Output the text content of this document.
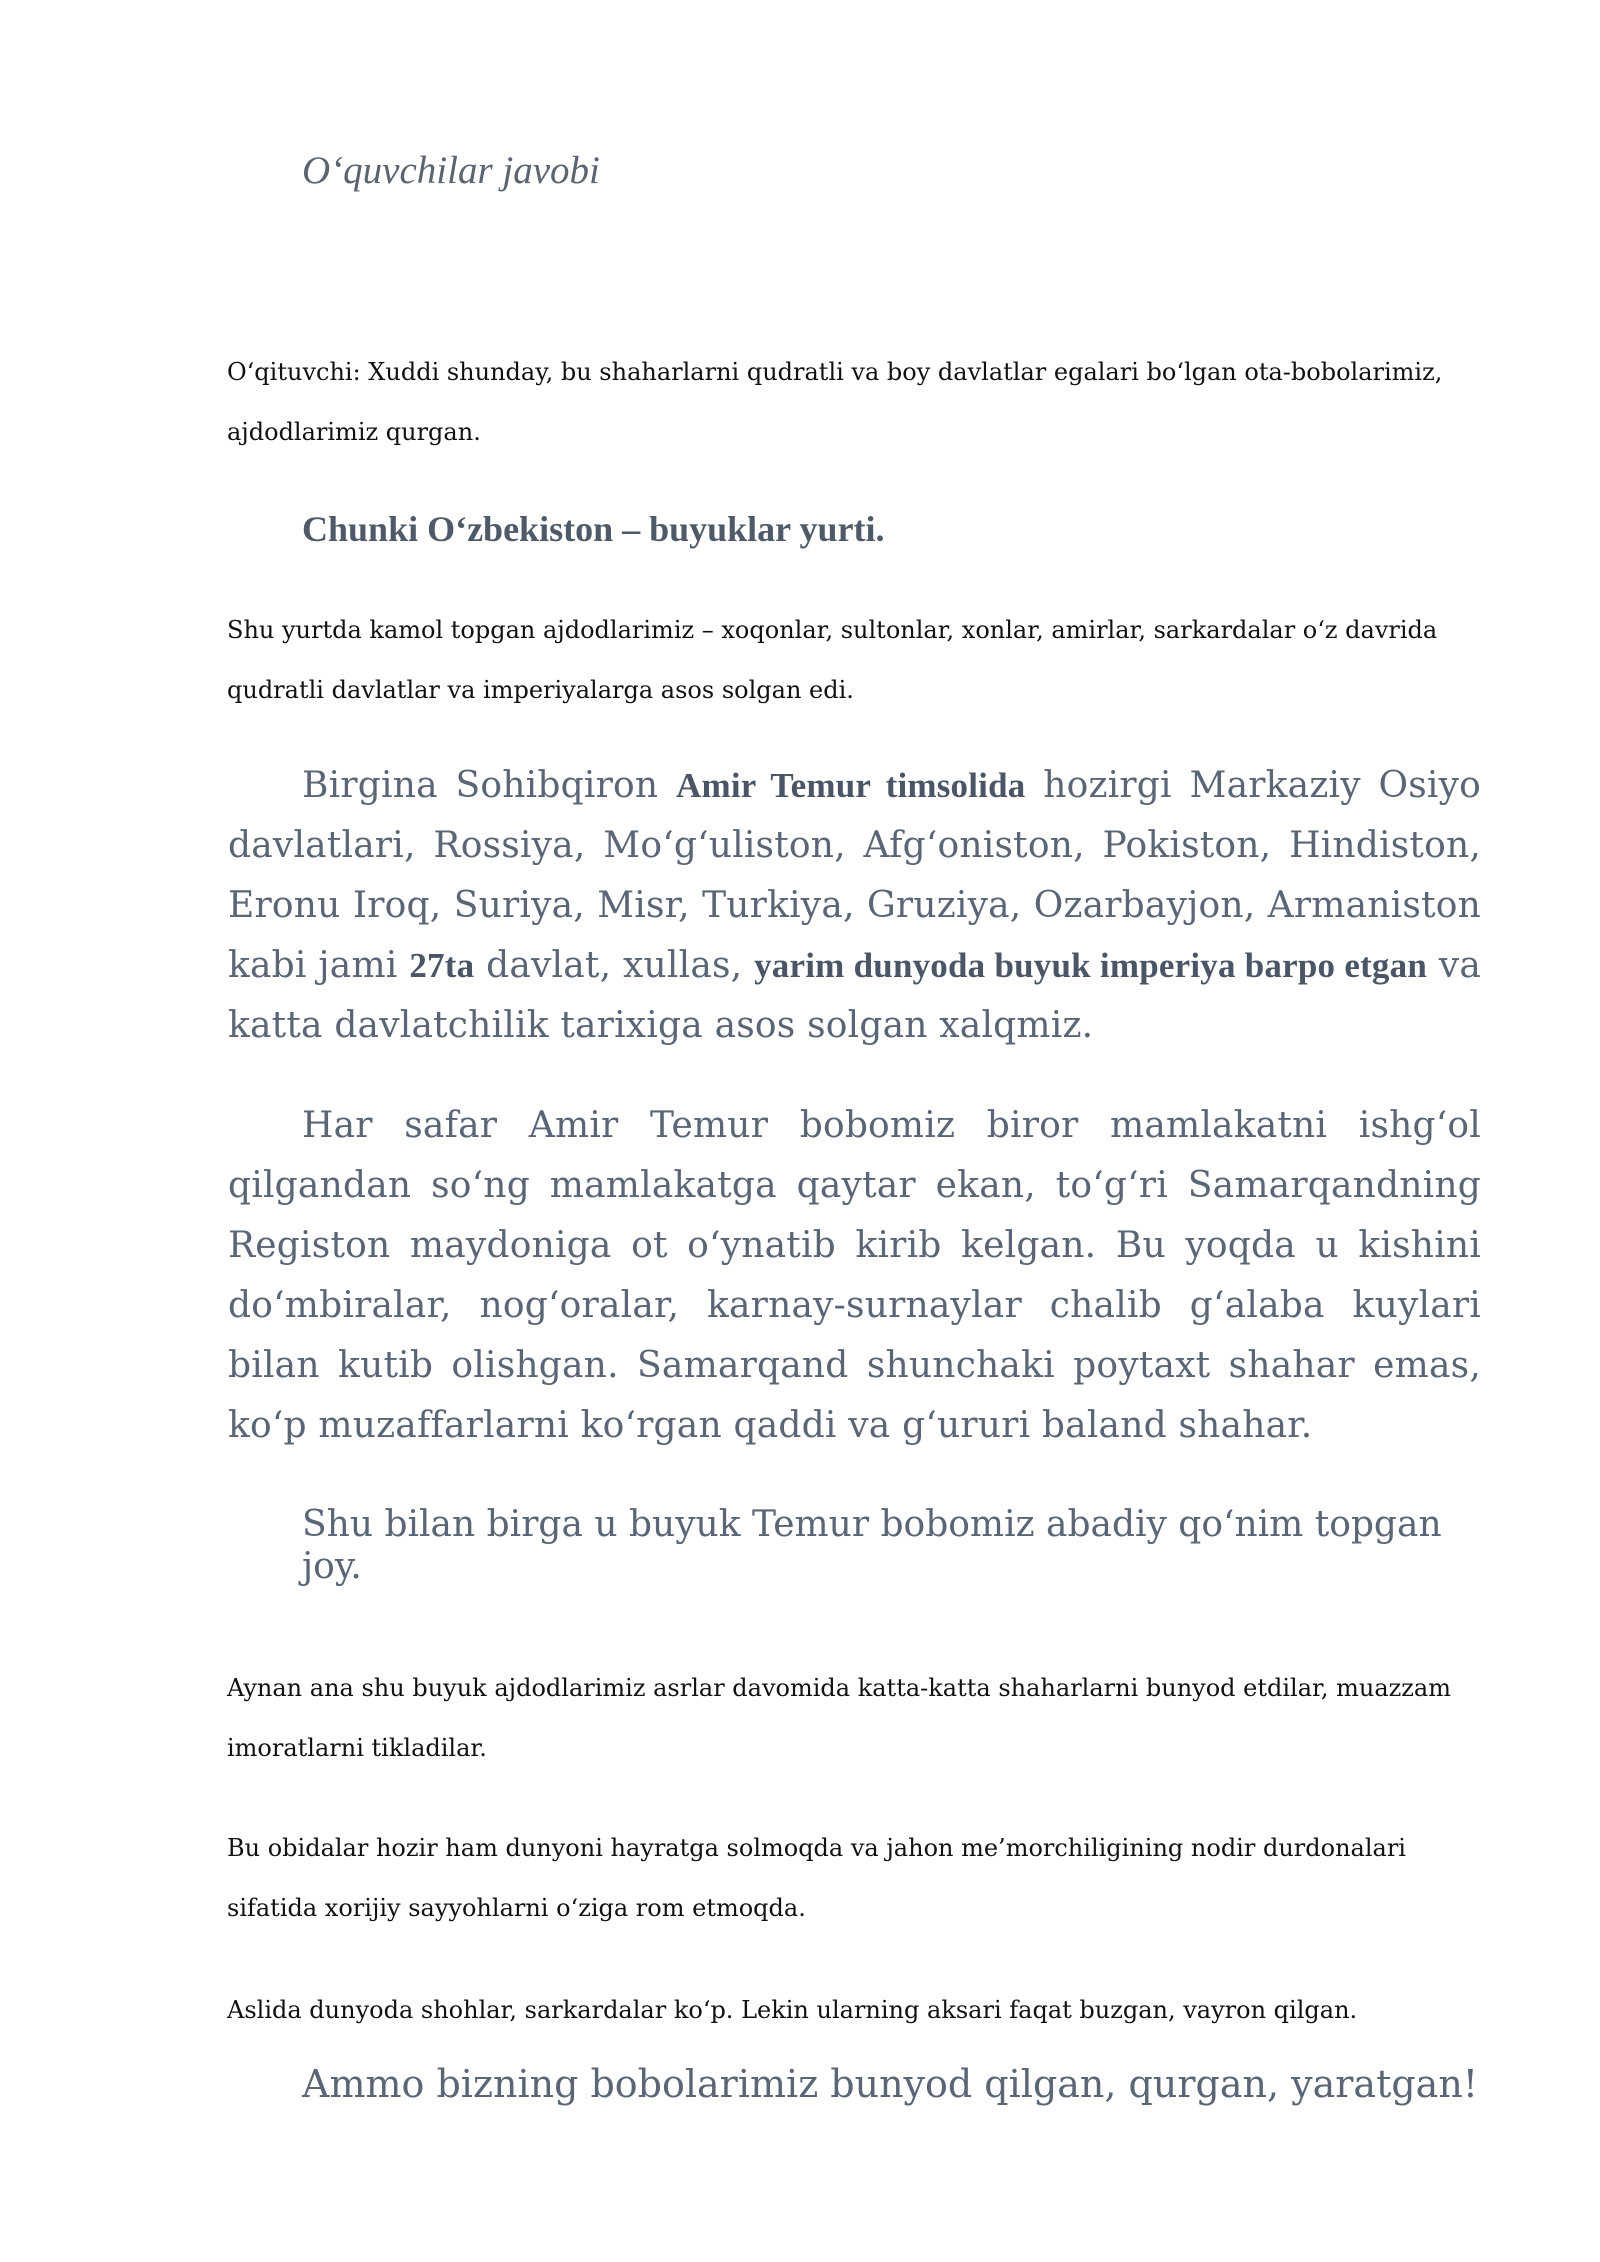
O‘quvchilar javobi

O‘qituvchi: Xuddi shunday, bu shaharlarni qudratli va boy davlatlar egalari bo‘lgan ota-bobolarimiz, ajdodlarimiz qurgan.

Chunki O‘zbekiston – buyuklar yurti.

Shu yurtda kamol topgan ajdodlarimiz – xoqonlar, sultonlar, xonlar, amirlar, sarkardalar o‘z davrida qudratli davlatlar va imperiyalarga asos solgan edi.

Birgina Sohibqiron Amir Temur timsolida hozirgi Markaziy Osiyo davlatlari, Rossiya, Mo‘g‘uliston, Afg‘oniston, Pokiston, Hindiston, Eronu Iroq, Suriya, Misr, Turkiya, Gruziya, Ozarbayjon, Armaniston kabi jami 27ta davlat, xullas, yarim dunyoda buyuk imperiya barpo etgan va katta davlatchilik tarixiga asos solgan xalqmiz.

Har safar Amir Temur bobomiz biror mamlakatni ishg‘ol qilgandan so‘ng mamlakatga qaytar ekan, to‘g‘ri Samarqandning Registon maydoniga ot o‘ynatib kirib kelgan. Bu yoqda u kishini do‘mbiralar, nog‘oralar, karnay-surnaylar chalib g‘alaba kuylari bilan kutib olishgan. Samarqand shunchaki poytaxt shahar emas, ko‘p muzaffarlarni ko‘rgan qaddi va g‘ururi baland shahar.

Shu bilan birga u buyuk Temur bobomiz abadiy qo‘nim topgan joy.

Aynan ana shu buyuk ajdodlarimiz asrlar davomida katta-katta shaharlarni bunyod etdilar, muazzam imoratlarni tikladilar.

Bu obidalar hozir ham dunyoni hayratga solmoqda va jahon me’morchiligining nodir durdonalari sifatida xorijiy sayyohlarni o‘ziga rom etmoqda.

Aslida dunyoda shohlar, sarkardalar ko‘p. Lekin ularning aksari faqat buzgan, vayron qilgan.

Ammo bizning bobolarimiz bunyod qilgan, qurgan, yaratgan!
